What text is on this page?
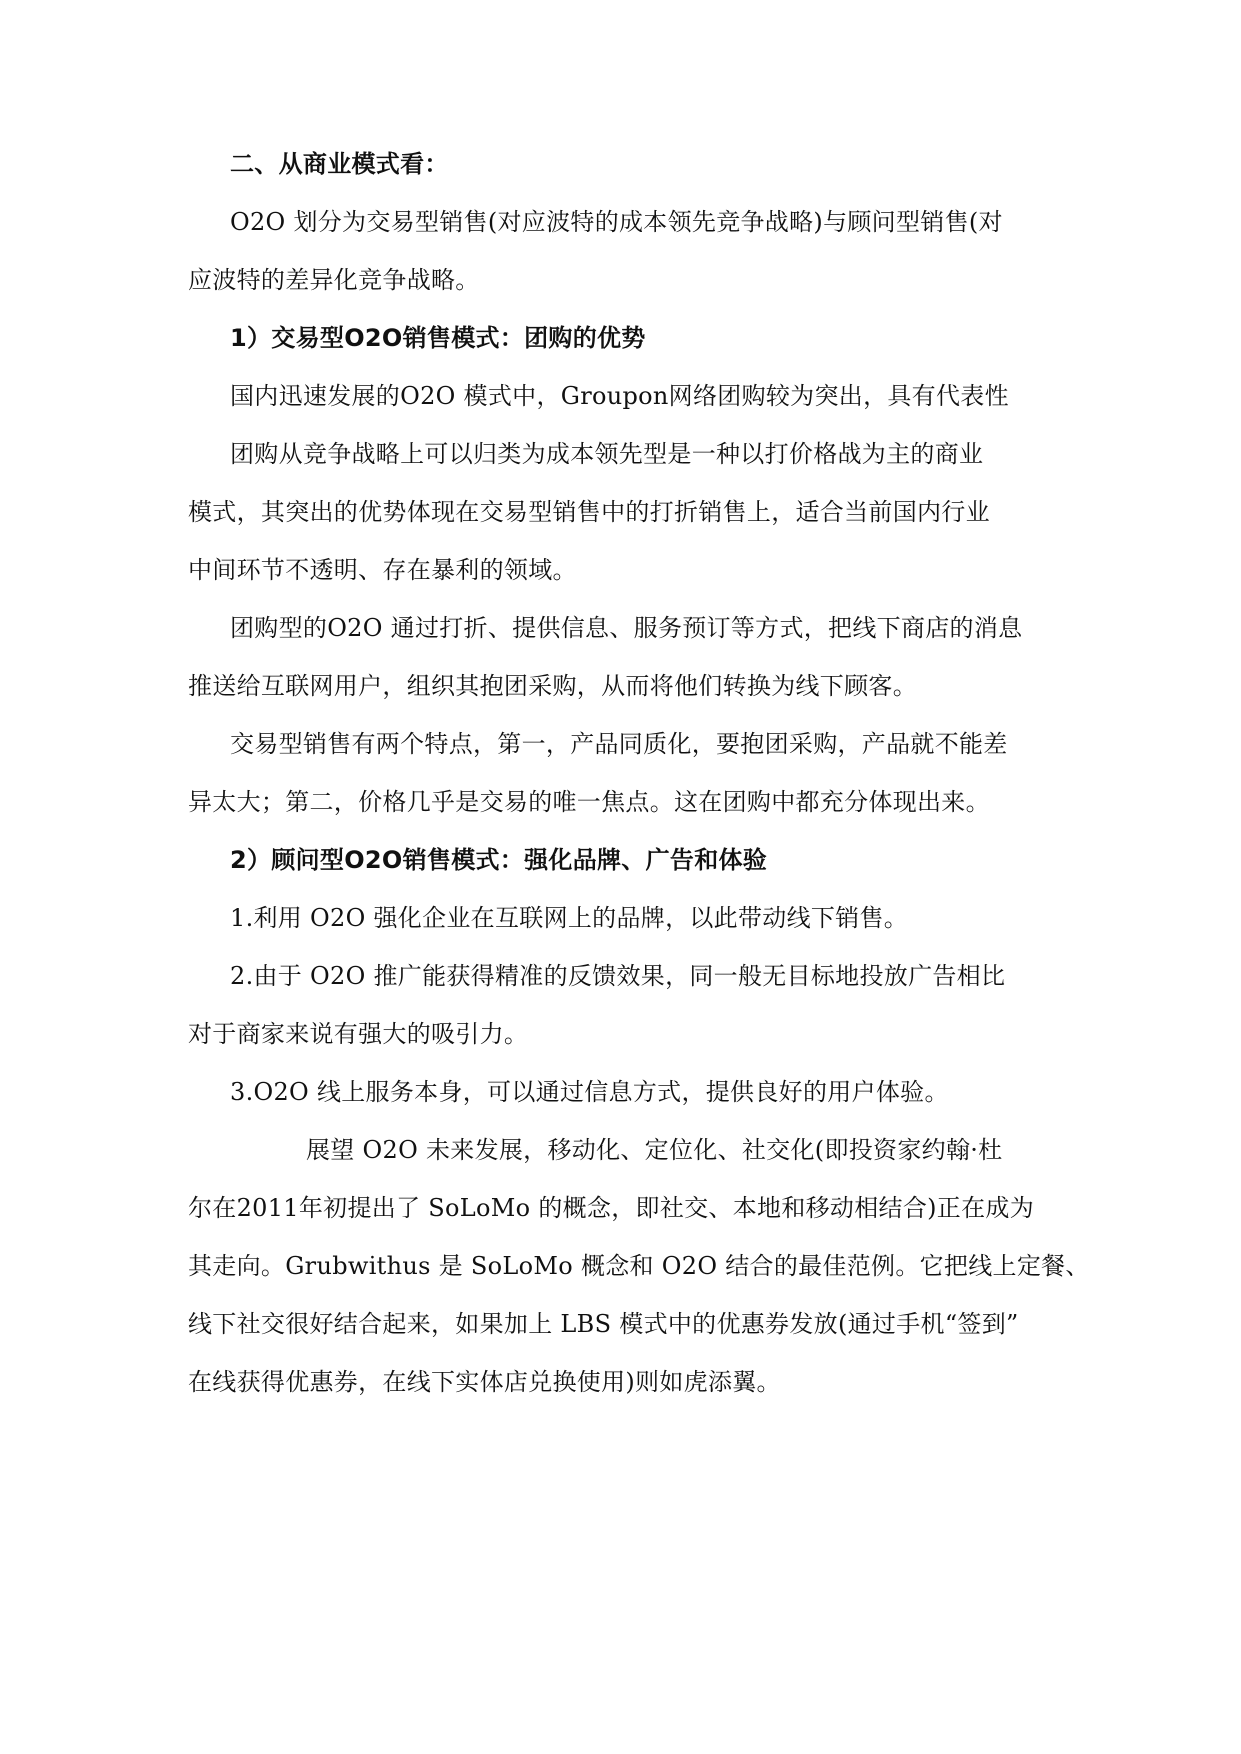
二、从商业模式看：
O2O 划分为交易型销售(对应波特的成本领先竞争战略)与顾问型销售(对
应波特的差异化竞争战略。
1）交易型O2O销售模式：团购的优势
国内迅速发展的O2O 模式中，Groupon网络团购较为突出，具有代表性
团购从竞争战略上可以归类为成本领先型是一种以打价格战为主的商业
模式，其突出的优势体现在交易型销售中的打折销售上，适合当前国内行业
中间环节不透明、存在暴利的领域。
团购型的O2O 通过打折、提供信息、服务预订等方式，把线下商店的消息
推送给互联网用户，组织其抱团采购，从而将他们转换为线下顾客。
交易型销售有两个特点，第一，产品同质化，要抱团采购，产品就不能差
异太大；第二，价格几乎是交易的唯一焦点。这在团购中都充分体现出来。
2）顾问型O2O销售模式：强化品牌、广告和体验
1.利用 O2O 强化企业在互联网上的品牌，以此带动线下销售。
2.由于 O2O 推广能获得精准的反馈效果，同一般无目标地投放广告相比
对于商家来说有强大的吸引力。
3.O2O 线上服务本身，可以通过信息方式，提供良好的用户体验。
展望 O2O 未来发展，移动化、定位化、社交化(即投资家约翰·杜
尔在2011年初提出了 SoLoMo 的概念，即社交、本地和移动相结合)正在成为
其走向。Grubwithus 是 SoLoMo 概念和 O2O 结合的最佳范例。它把线上定餐、
线下社交很好结合起来，如果加上 LBS 模式中的优惠券发放(通过手机“签到”
在线获得优惠券，在线下实体店兑换使用)则如虎添翼。
